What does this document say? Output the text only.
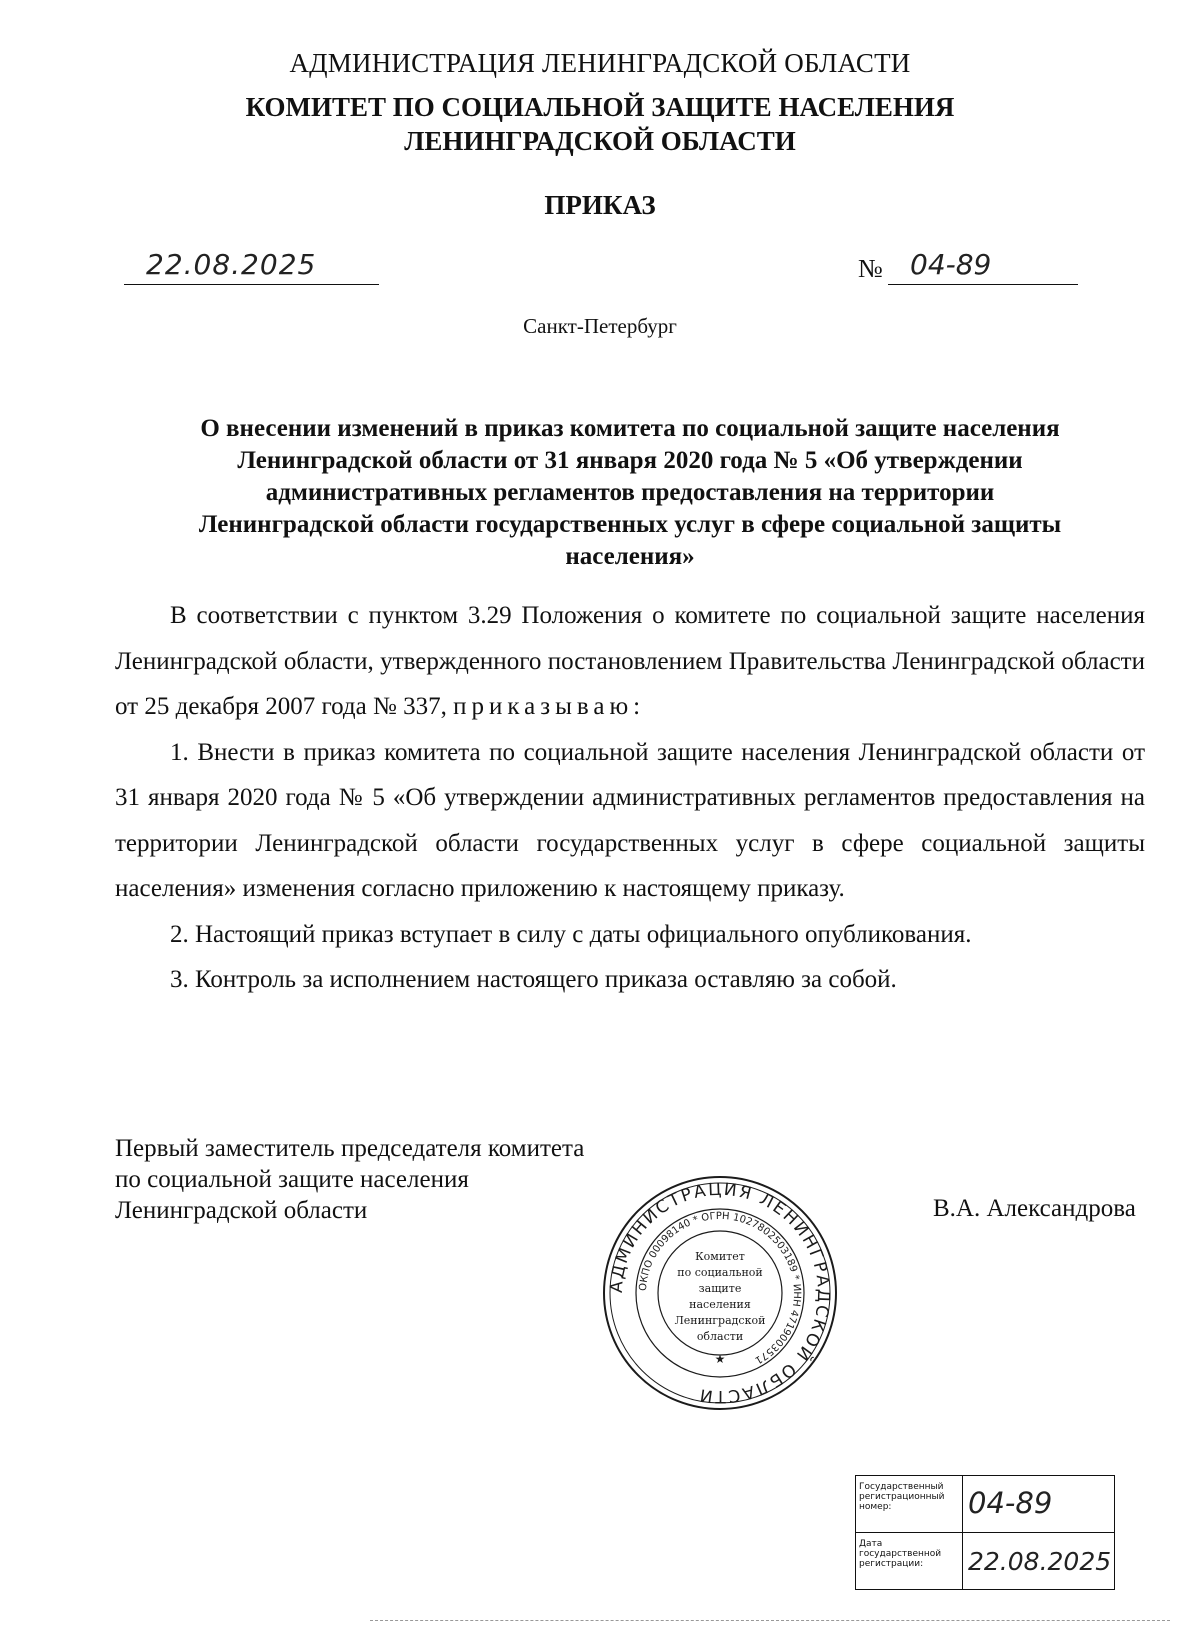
АДМИНИСТРАЦИЯ ЛЕНИНГРАДСКОЙ ОБЛАСТИ
КОМИТЕТ ПО СОЦИАЛЬНОЙ ЗАЩИТЕ НАСЕЛЕНИЯ
ЛЕНИНГРАДСКОЙ ОБЛАСТИ
ПРИКАЗ
22.08.2025	№ 04-89
Санкт-Петербург
О внесении изменений в приказ комитета по социальной защите населения
Ленинградской области от 31 января 2020 года № 5 «Об утверждении
административных регламентов предоставления на территории
Ленинградской области государственных услуг в сфере социальной защиты
населения»

В соответствии с пунктом 3.29 Положения о комитете по социальной защите населения Ленинградской области, утвержденного постановлением Правительства Ленинградской области от 25 декабря 2007 года № 337, приказываю:

1. Внести в приказ комитета по социальной защите населения Ленинградской области от 31 января 2020 года № 5 «Об утверждении административных регламентов предоставления на территории Ленинградской области государственных услуг в сфере социальной защиты населения» изменения согласно приложению к настоящему приказу.

2. Настоящий приказ вступает в силу с даты официального опубликования.

3. Контроль за исполнением настоящего приказа оставляю за собой.

Первый заместитель председателя комитета
по социальной защите населения
Ленинградской области	В.А. Александрова
АДМИНИСТРАЦИЯ ЛЕНИНГРАДСКОЙ ОБЛАСТИ
ОКПО 00098140 * ОГРН 1027802503189 * ИНН 4719003571
Комитет
по социальной
защите
населения
Ленинградской
области
★
Государственный регистрационный номер:	04-89
Дата государственной регистрации:	22.08.2025
